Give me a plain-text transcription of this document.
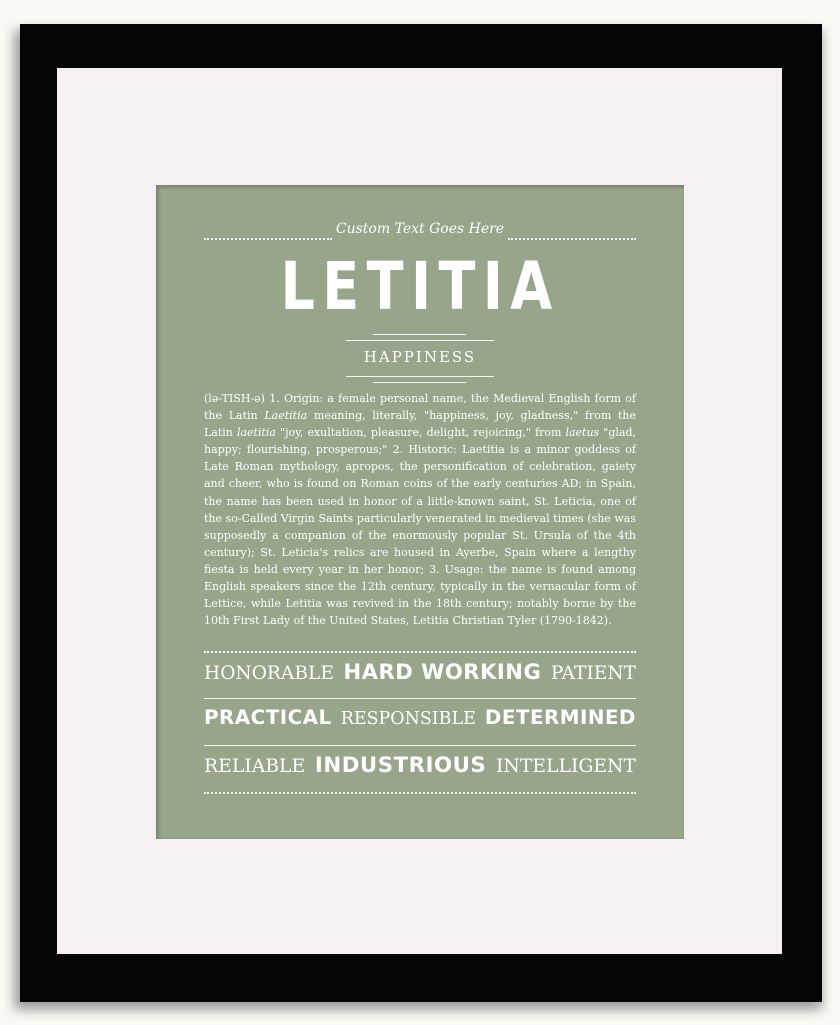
Custom Text Goes Here
LETITIA
HAPPINESS
(lə-TISH-ə) 1. Origin: a female personal name, the Medieval English form of the Latin Laetitia meaning, literally, "happiness, joy, gladness," from the Latin laetitia "joy, exultation, pleasure, delight, rejoicing," from laetus "glad, happy; flourishing, prosperous;" 2. Historic: Laetitia is a minor goddess of Late Roman mythology, apropos, the personification of celebration, gaiety and cheer, who is found on Roman coins of the early centuries AD; in Spain, the name has been used in honor of a little-known saint, St. Leticia, one of the so-Called Virgin Saints particularly venerated in medieval times (she was supposedly a companion of the enormously popular St. Ursula of the 4th century); St. Leticia's relics are housed in Ayerbe, Spain where a lengthy fiesta is held every year in her honor; 3. Usage: the name is found among English speakers since the 12th century, typically in the vernacular form of Lettice, while Letitia was revived in the 18th century; notably borne by the 10th First Lady of the United States, Letitia Christian Tyler (1790-1842).
HONORABLE HARD WORKING PATIENT
PRACTICAL RESPONSIBLE DETERMINED
RELIABLE INDUSTRIOUS INTELLIGENT
